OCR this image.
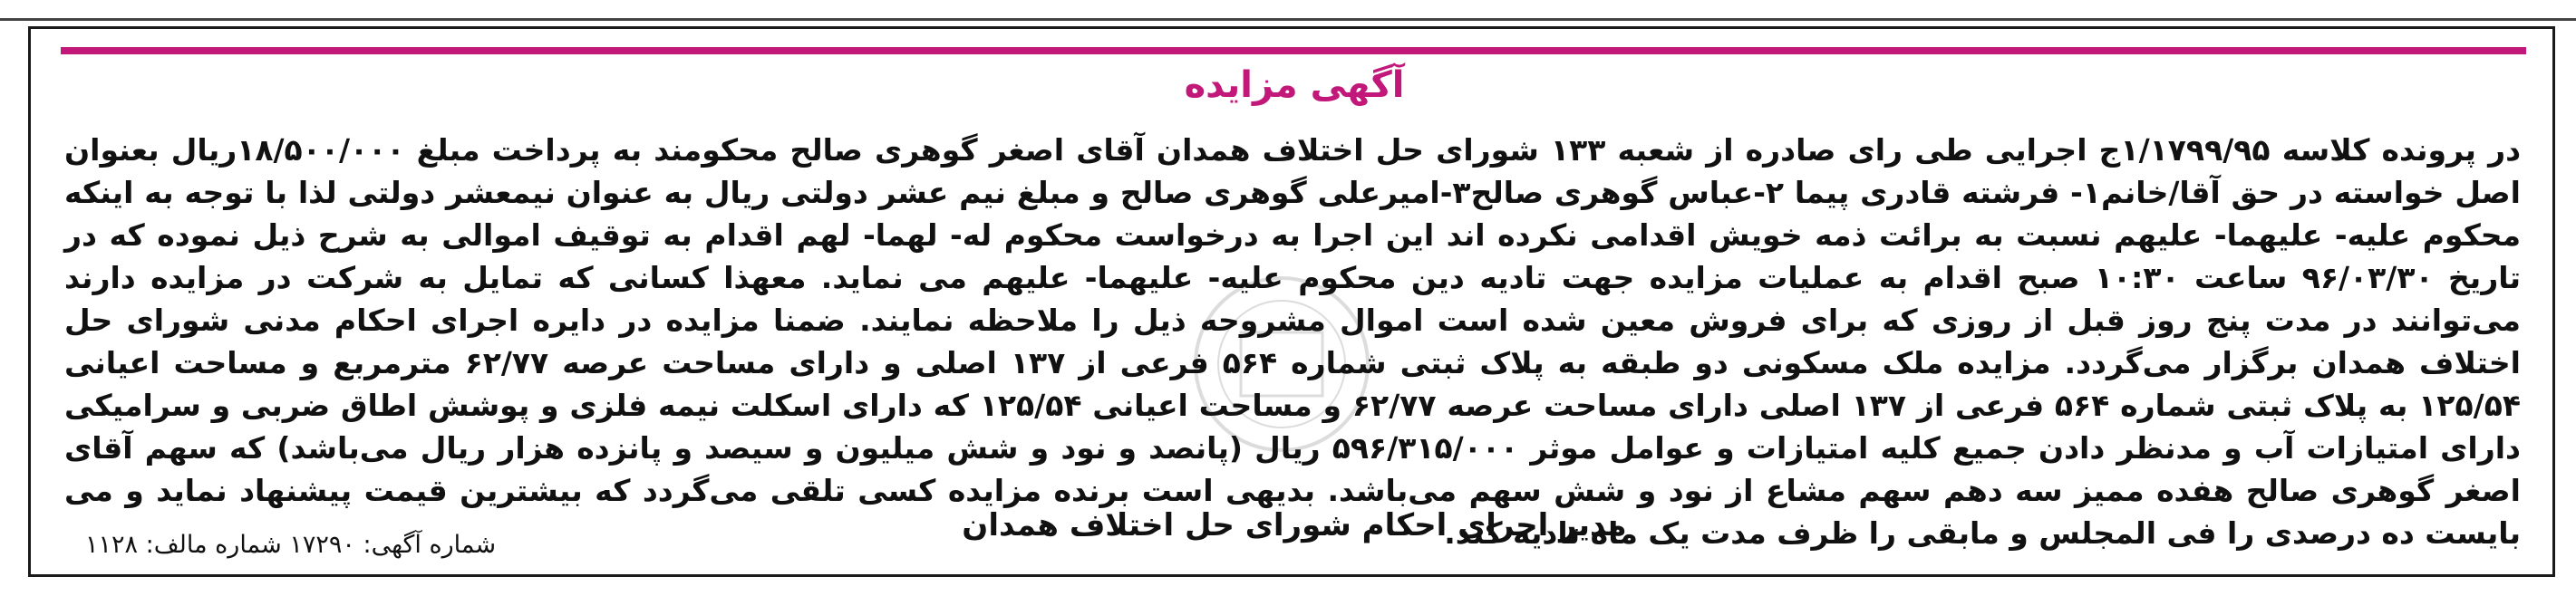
آگهی مزایده

در پرونده کلاسه ۱/۱۷۹۹/۹۵ج اجرایی طی رای صادره از شعبه ۱۳۳ شورای حل اختلاف همدان آقای اصغر گوهری صالح محکومند به پرداخت مبلغ ۱۸/۵۰۰/۰۰۰ریال بعنوان اصل خواسته در حق آقا/خانم۱- فرشته قادری پیما ۲-عباس گوهری صالح۳-امیرعلی گوهری صالح و مبلغ نیم عشر دولتی ریال به عنوان نیمعشر دولتی لذا با توجه به اینکه محکوم علیه- علیهما- علیهم نسبت به برائت ذمه خویش اقدامی نکرده اند این اجرا به درخواست محکوم له- لهما- لهم اقدام به توقیف اموالی به شرح ذیل نموده که در تاریخ ۹۶/۰۳/۳۰ ساعت ۱۰:۳۰ صبح اقدام به عملیات مزایده جهت تادیه دین محکوم علیه- علیهما- علیهم می نماید. معهذا کسانی که تمایل به شرکت در مزایده دارند می‌توانند در مدت پنج روز قبل از روزی که برای فروش معین شده است اموال مشروحه ذیل را ملاحظه نمایند. ضمنا مزایده در دایره اجرای احکام مدنی شورای حل اختلاف همدان برگزار می‌گردد. مزایده ملک مسکونی دو طبقه به پلاک ثبتی شماره ۵۶۴ فرعی از ۱۳۷ اصلی و دارای مساحت عرصه ۶۲/۷۷ مترمربع و مساحت اعیانی ۱۲۵/۵۴ به پلاک ثبتی شماره ۵۶۴ فرعی از ۱۳۷ اصلی دارای مساحت عرصه ۶۲/۷۷ و مساحت اعیانی ۱۲۵/۵۴ که دارای اسکلت نیمه فلزی و پوشش اطاق ضربی و سرامیکی دارای امتیازات آب و مدنظر دادن جمیع کلیه امتیازات و عوامل موثر ۵۹۶/۳۱۵/۰۰۰ ریال (پانصد و نود و شش میلیون و سیصد و پانزده هزار ریال می‌باشد) که سهم آقای اصغر گوهری صالح هفده ممیز سه دهم سهم مشاع از نود و شش سهم می‌باشد. بدیهی است برنده مزایده کسی تلقی می‌گردد که بیشترین قیمت پیشنهاد نماید و می بایست ده درصدی را فی المجلس و مابقی را ظرف مدت یک ماه تادیه کند.

مدیر اجرای احکام شورای حل اختلاف همدان
شماره آگهی: ۱۷۲۹۰ شماره مالف: ۱۱۲۸
